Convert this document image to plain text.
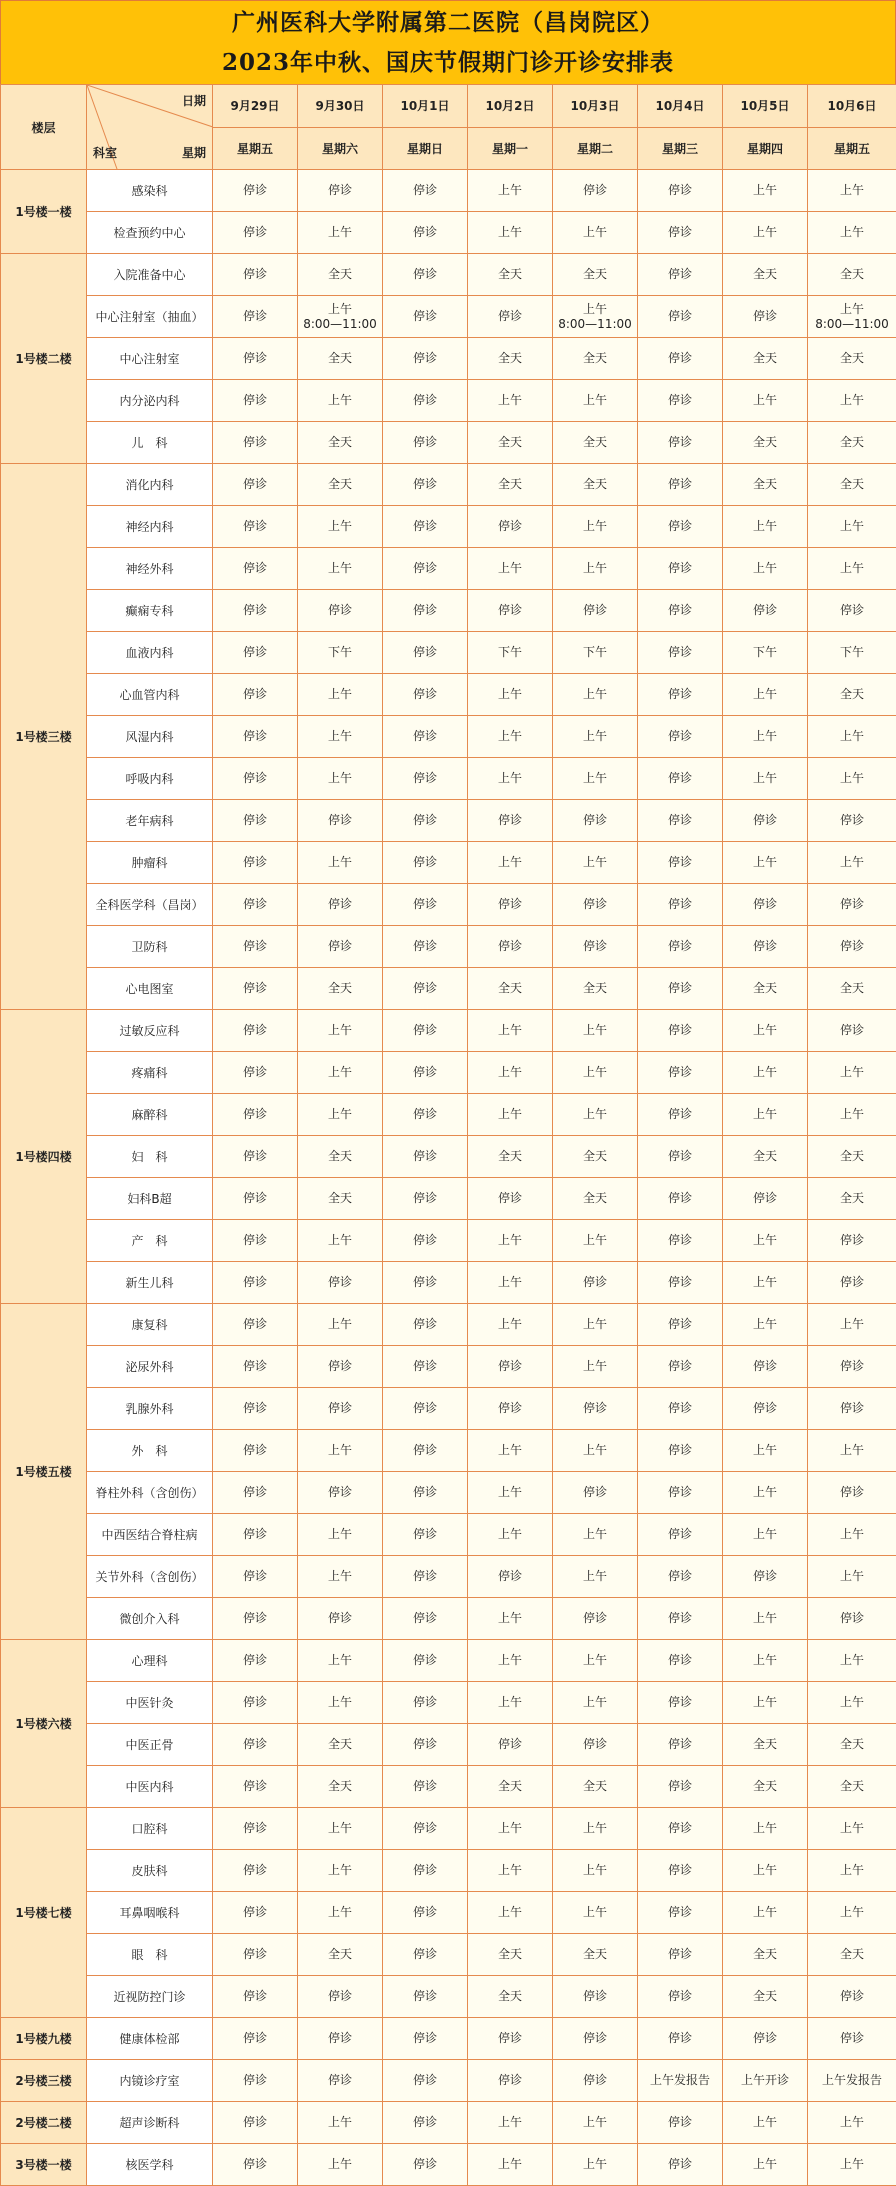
广州医科大学附属第二医院（昌岗院区）
2023年中秋、国庆节假期门诊开诊安排表
楼层	日期
星期
科室	9月29日	9月30日	10月1日	10月2日	10月3日	10月4日	10月5日	10月6日
		星期五	星期六	星期日	星期一	星期二	星期三	星期四	星期五
1号楼一楼	感染科	停诊	停诊	停诊	上午	停诊	停诊	上午	上午
	检查预约中心	停诊	上午	停诊	上午	上午	停诊	上午	上午
1号楼二楼	入院准备中心	停诊	全天	停诊	全天	全天	停诊	全天	全天
	中心注射室（抽血）	停诊	上午
8:00—11:00	停诊	停诊	上午
8:00—11:00	停诊	停诊	上午
8:00—11:00
	中心注射室	停诊	全天	停诊	全天	全天	停诊	全天	全天
	内分泌内科	停诊	上午	停诊	上午	上午	停诊	上午	上午
	儿　科	停诊	全天	停诊	全天	全天	停诊	全天	全天
1号楼三楼	消化内科	停诊	全天	停诊	全天	全天	停诊	全天	全天
	神经内科	停诊	上午	停诊	停诊	上午	停诊	上午	上午
	神经外科	停诊	上午	停诊	上午	上午	停诊	上午	上午
	癫痫专科	停诊	停诊	停诊	停诊	停诊	停诊	停诊	停诊
	血液内科	停诊	下午	停诊	下午	下午	停诊	下午	下午
	心血管内科	停诊	上午	停诊	上午	上午	停诊	上午	全天
	风湿内科	停诊	上午	停诊	上午	上午	停诊	上午	上午
	呼吸内科	停诊	上午	停诊	上午	上午	停诊	上午	上午
	老年病科	停诊	停诊	停诊	停诊	停诊	停诊	停诊	停诊
	肿瘤科	停诊	上午	停诊	上午	上午	停诊	上午	上午
	全科医学科（昌岗）	停诊	停诊	停诊	停诊	停诊	停诊	停诊	停诊
	卫防科	停诊	停诊	停诊	停诊	停诊	停诊	停诊	停诊
	心电图室	停诊	全天	停诊	全天	全天	停诊	全天	全天
1号楼四楼	过敏反应科	停诊	上午	停诊	上午	上午	停诊	上午	停诊
	疼痛科	停诊	上午	停诊	上午	上午	停诊	上午	上午
	麻醉科	停诊	上午	停诊	上午	上午	停诊	上午	上午
	妇　科	停诊	全天	停诊	全天	全天	停诊	全天	全天
	妇科B超	停诊	全天	停诊	停诊	全天	停诊	停诊	全天
	产　科	停诊	上午	停诊	上午	上午	停诊	上午	停诊
	新生儿科	停诊	停诊	停诊	上午	停诊	停诊	上午	停诊
1号楼五楼	康复科	停诊	上午	停诊	上午	上午	停诊	上午	上午
	泌尿外科	停诊	停诊	停诊	停诊	上午	停诊	停诊	停诊
	乳腺外科	停诊	停诊	停诊	停诊	停诊	停诊	停诊	停诊
	外　科	停诊	上午	停诊	上午	上午	停诊	上午	上午
	脊柱外科（含创伤）	停诊	停诊	停诊	上午	停诊	停诊	上午	停诊
	中西医结合脊柱病	停诊	上午	停诊	上午	上午	停诊	上午	上午
	关节外科（含创伤）	停诊	上午	停诊	停诊	上午	停诊	停诊	上午
	微创介入科	停诊	停诊	停诊	上午	停诊	停诊	上午	停诊
1号楼六楼	心理科	停诊	上午	停诊	上午	上午	停诊	上午	上午
	中医针灸	停诊	上午	停诊	上午	上午	停诊	上午	上午
	中医正骨	停诊	全天	停诊	停诊	停诊	停诊	全天	全天
	中医内科	停诊	全天	停诊	全天	全天	停诊	全天	全天
1号楼七楼	口腔科	停诊	上午	停诊	上午	上午	停诊	上午	上午
	皮肤科	停诊	上午	停诊	上午	上午	停诊	上午	上午
	耳鼻咽喉科	停诊	上午	停诊	上午	上午	停诊	上午	上午
	眼　科	停诊	全天	停诊	全天	全天	停诊	全天	全天
	近视防控门诊	停诊	停诊	停诊	全天	停诊	停诊	全天	停诊
1号楼九楼	健康体检部	停诊	停诊	停诊	停诊	停诊	停诊	停诊	停诊
2号楼三楼	内镜诊疗室	停诊	停诊	停诊	停诊	停诊	上午发报告	上午开诊	上午发报告
2号楼二楼	超声诊断科	停诊	上午	停诊	上午	上午	停诊	上午	上午
3号楼一楼	核医学科	停诊	上午	停诊	上午	上午	停诊	上午	上午
